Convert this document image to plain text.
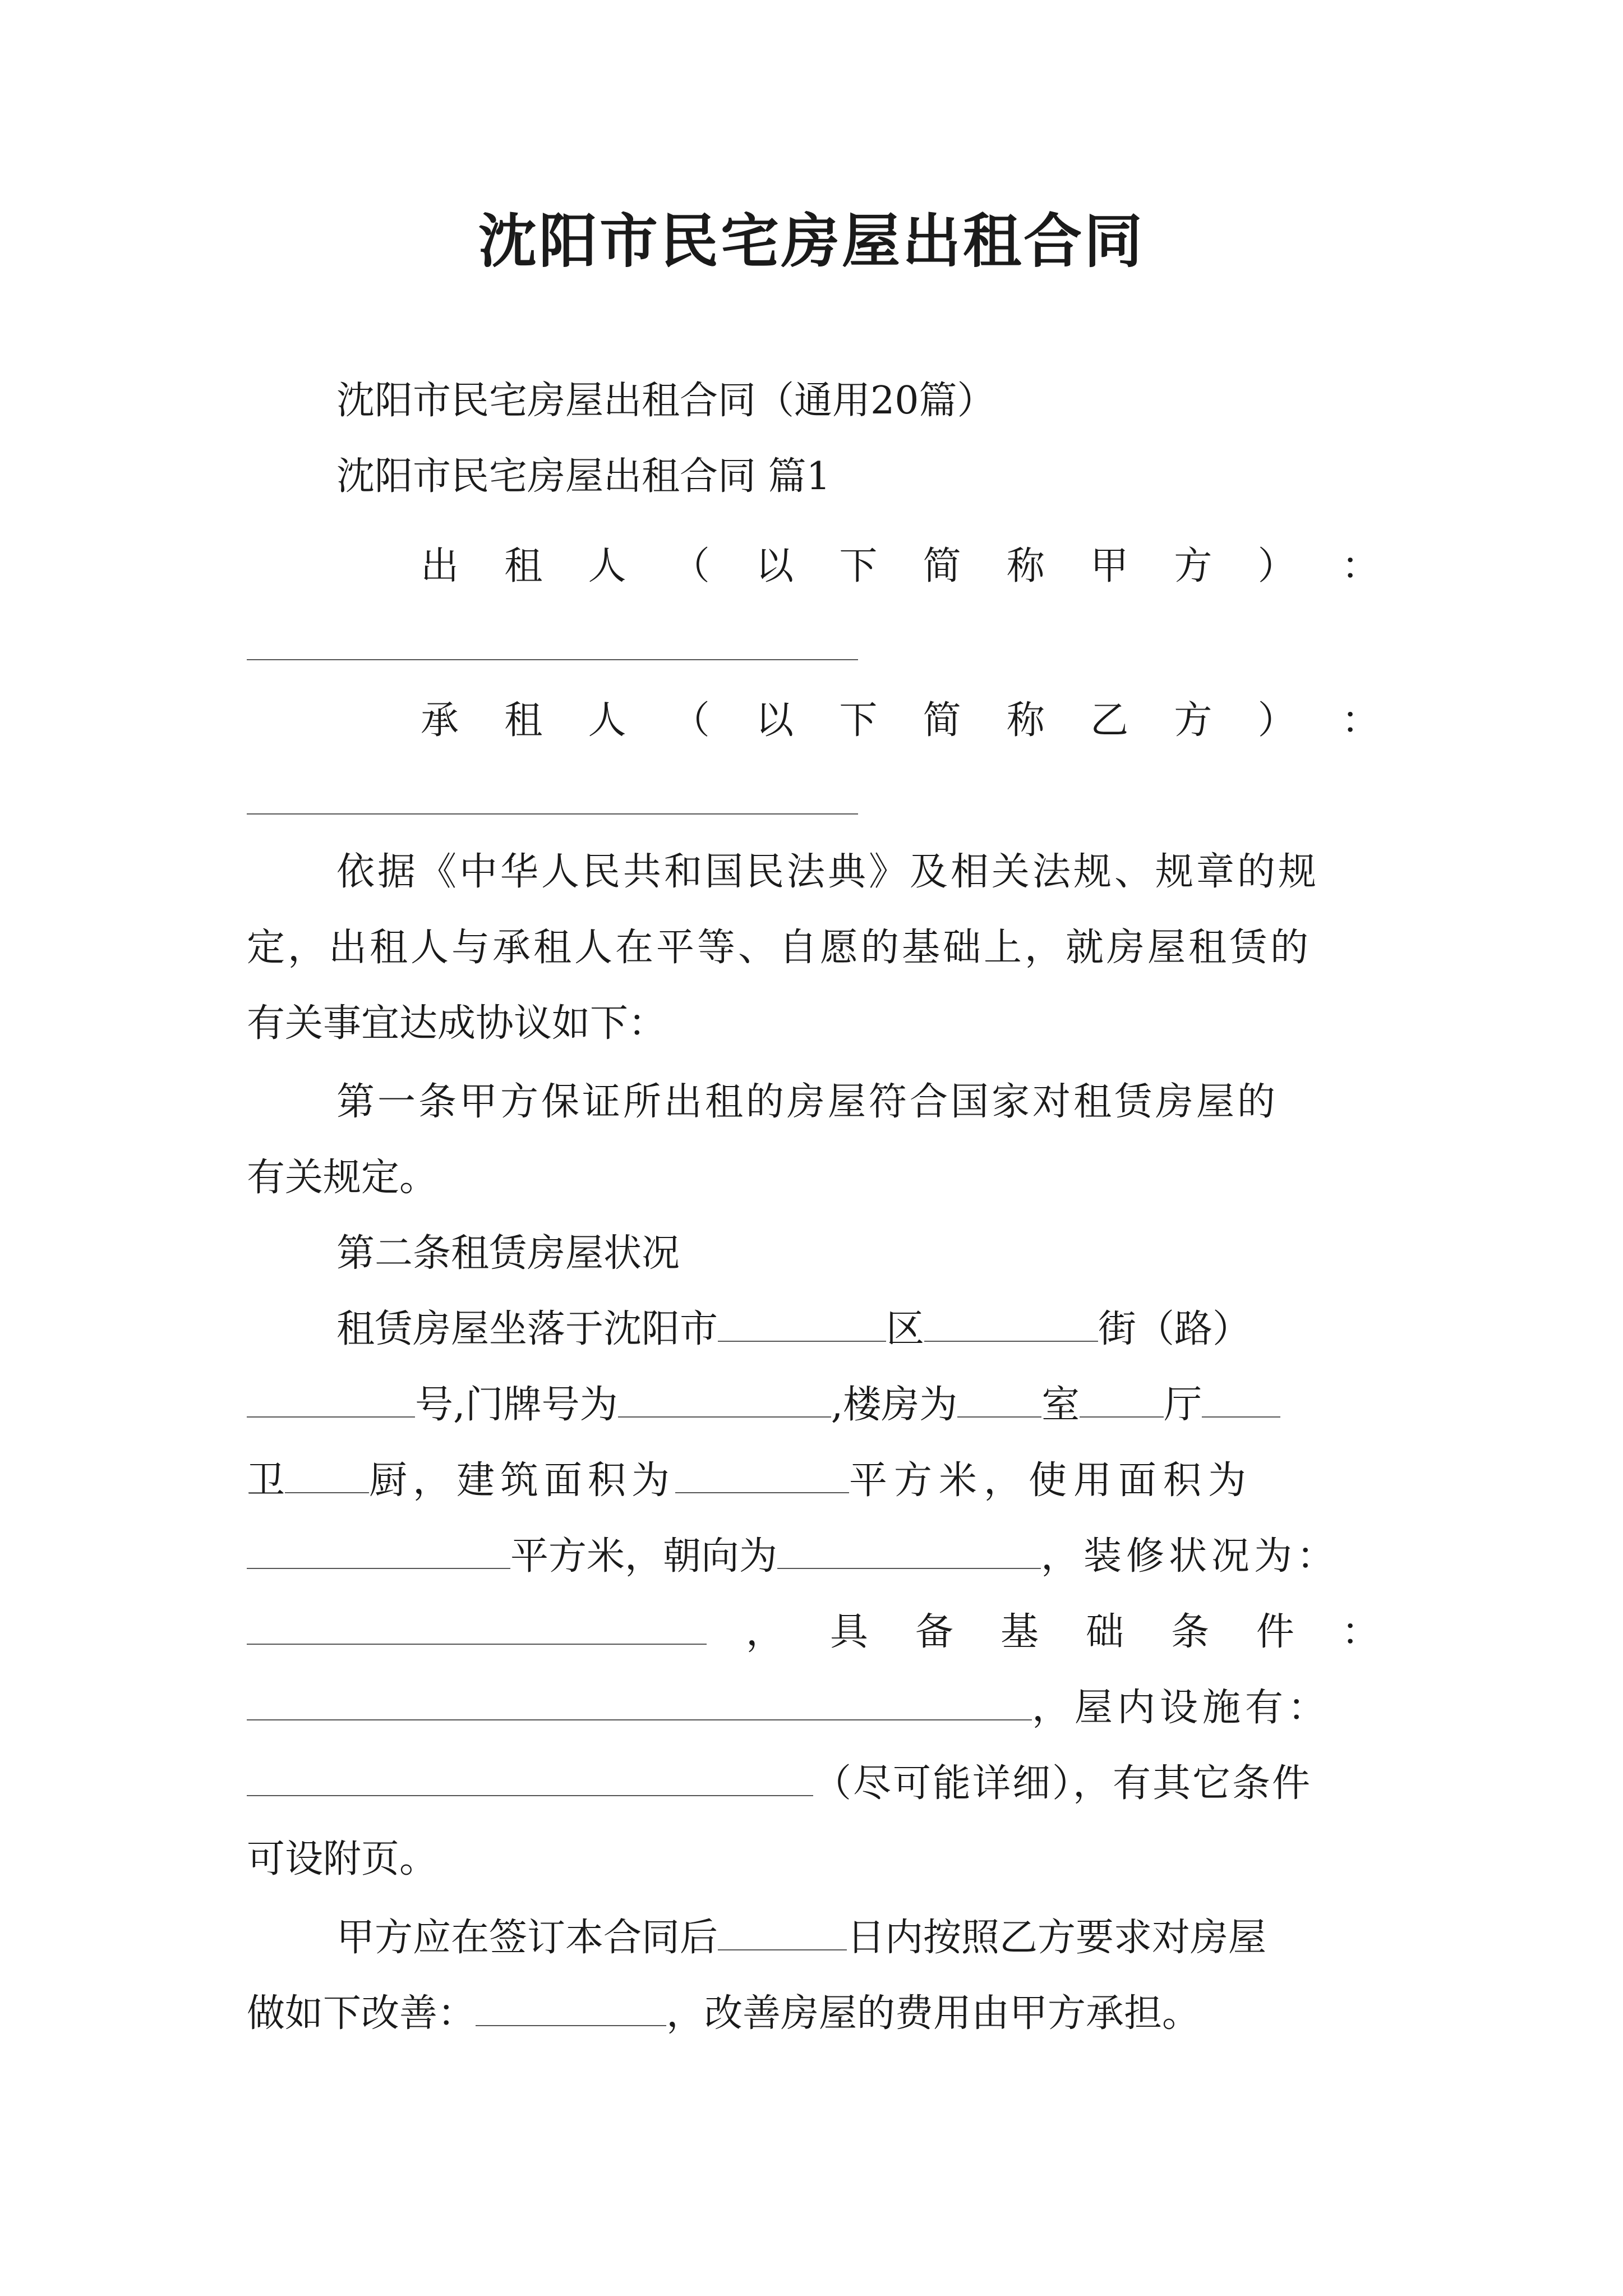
沈阳市民宅房屋出租合同
沈阳市民宅房屋出租合同（通用20篇）
沈阳市民宅房屋出租合同 篇1
出 租 人 （ 以 下 简 称 甲 方 ） ：
承 租 人 （ 以 下 简 称 乙 方 ） ：
依据《中华人民共和国民法典》及相关法规、规章的规
定，出租人与承租人在平等、自愿的基础上，就房屋租赁的
有关事宜达成协议如下：
第一条甲方保证所出租的房屋符合国家对租赁房屋的
有关规定。
第二条租赁房屋状况
租赁房屋坐落于沈阳市	区	街（路）
号,门牌号为	,楼房为 室 厅
卫 厨，建筑面积为	平方米，使用面积为
平方米，朝向为	，装修状况为：
，	具 备 基 础 条 件 ：
，屋内设施有：
（尽可能详细），有其它条件
可设附页。
甲方应在签订本合同后	日内按照乙方要求对房屋
做如下改善：	，改善房屋的费用由甲方承担。
